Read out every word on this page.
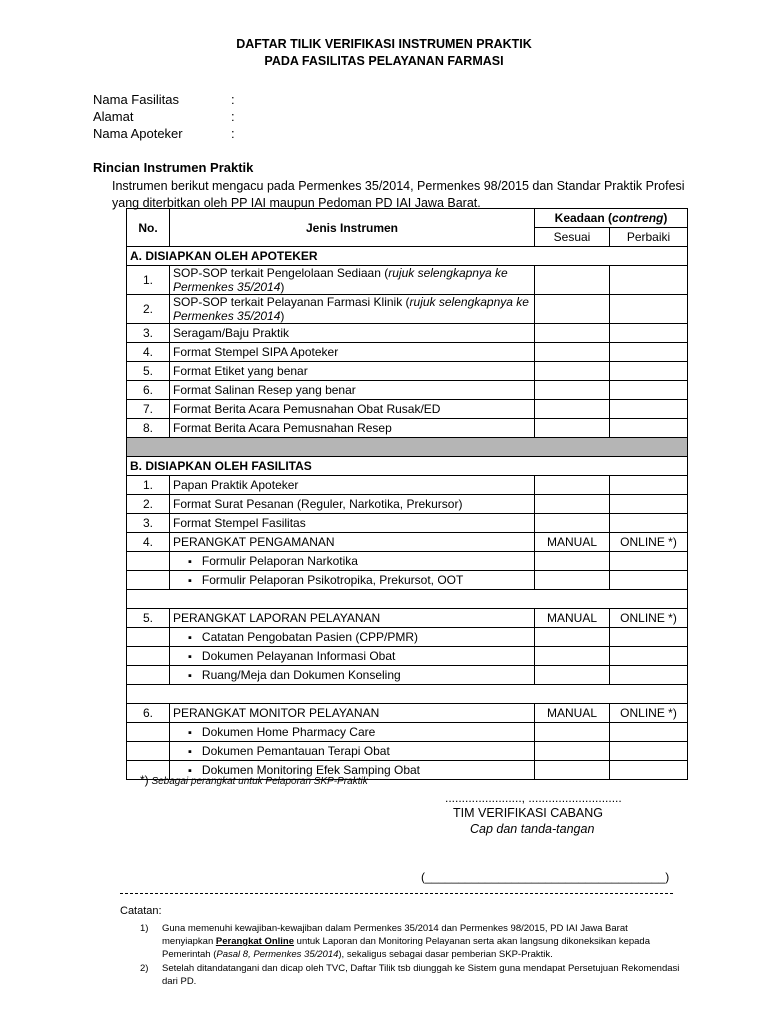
DAFTAR TILIK VERIFIKASI INSTRUMEN PRAKTIK
PADA FASILITAS PELAYANAN FARMASI
Nama Fasilitas	:
Alamat	:
Nama Apoteker	:
Rincian Instrumen Praktik
Instrumen berikut mengacu pada Permenkes 35/2014, Permenkes 98/2015 dan Standar Praktik Profesi yang diterbitkan oleh PP IAI maupun Pedoman PD IAI Jawa Barat.
No.	Jenis Instrumen	Keadaan (contreng)	
		Sesuai	Perbaiki
A. DISIAPKAN OLEH APOTEKER			
1.	SOP-SOP terkait Pengelolaan Sediaan (rujuk selengkapnya ke Permenkes 35/2014)		
2.	SOP-SOP terkait Pelayanan Farmasi Klinik (rujuk selengkapnya ke Permenkes 35/2014)		
3.	Seragam/Baju Praktik		
4.	Format Stempel SIPA Apoteker		
5.	Format Etiket yang benar		
6.	Format Salinan Resep yang benar		
7.	Format Berita Acara Pemusnahan Obat Rusak/ED		
8.	Format Berita Acara Pemusnahan Resep		

B. DISIAPKAN OLEH FASILITAS			
1.	Papan Praktik Apoteker		
2.	Format Surat Pesanan (Reguler, Narkotika, Prekursor)		
3.	Format Stempel Fasilitas		
4.	PERANGKAT PENGAMANAN	MANUAL	ONLINE *)
	▪ Formulir Pelaporan Narkotika		
	▪ Formulir Pelaporan Psikotropika, Prekursot, OOT		

5.	PERANGKAT LAPORAN PELAYANAN	MANUAL	ONLINE *)
	▪ Catatan Pengobatan Pasien (CPP/PMR)		
	▪ Dokumen Pelayanan Informasi Obat		
	▪ Ruang/Meja dan Dokumen Konseling		

6.	PERANGKAT MONITOR PELAYANAN	MANUAL	ONLINE *)
	▪ Dokumen Home Pharmacy Care		
	▪ Dokumen Pemantauan Terapi Obat		
	▪ Dokumen Monitoring Efek Samping Obat		
*) Sebagai perangkat untuk Pelaporan SKP-Praktik
......................., ............................
TIM VERIFIKASI CABANG
Cap dan tanda-tangan
(____________________________________)
Catatan:
1) Guna memenuhi kewajiban-kewajiban dalam Permenkes 35/2014 dan Permenkes 98/2015, PD IAI Jawa Barat menyiapkan Perangkat Online untuk Laporan dan Monitoring Pelayanan serta akan langsung dikoneksikan kepada Pemerintah (Pasal 8, Permenkes 35/2014), sekaligus sebagai dasar pemberian SKP-Praktik.
2) Setelah ditandatangani dan dicap oleh TVC, Daftar Tilik tsb diunggah ke Sistem guna mendapat Persetujuan Rekomendasi dari PD.
